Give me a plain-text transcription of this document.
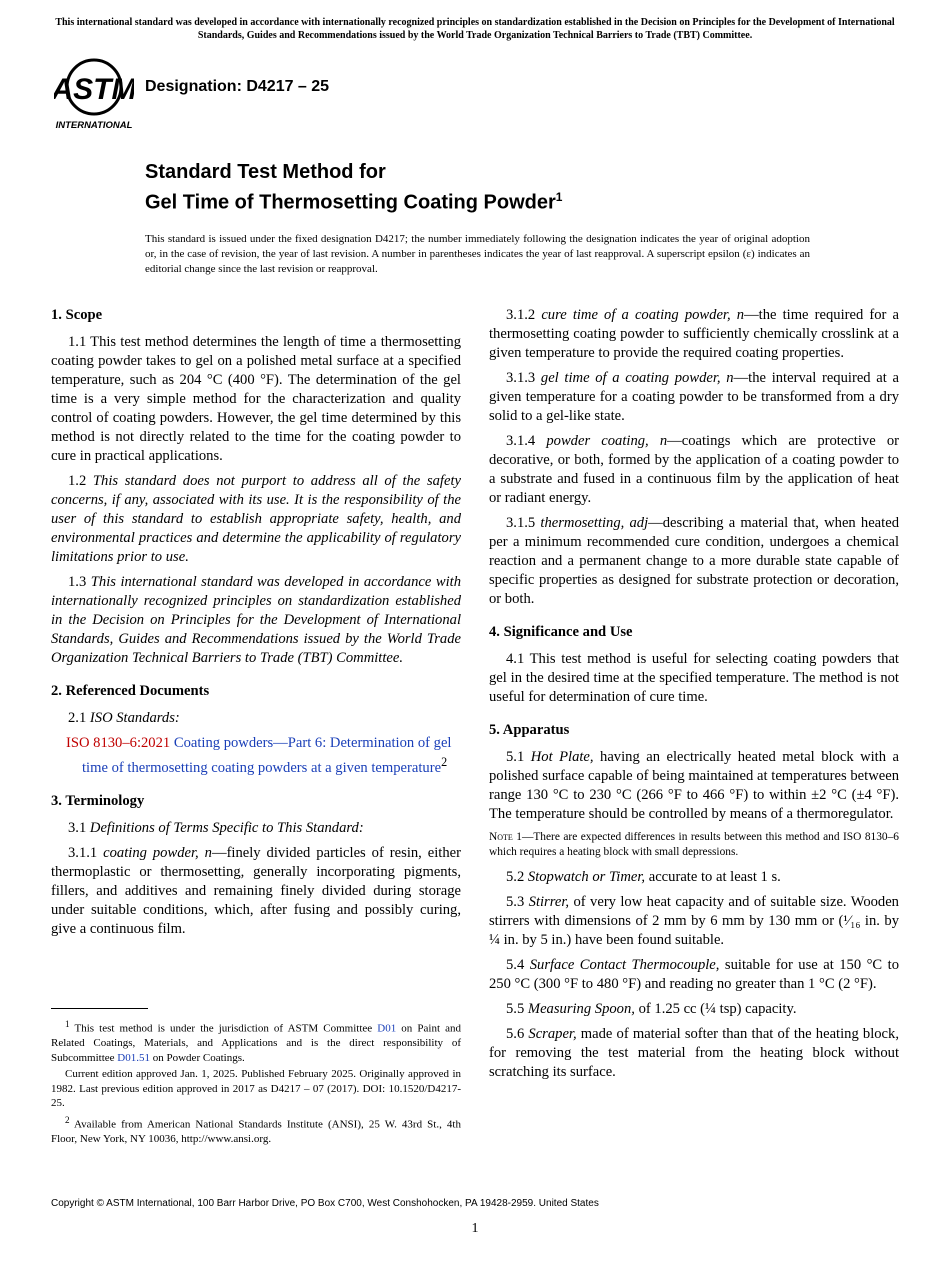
This international standard was developed in accordance with internationally recognized principles on standardization established in the Decision on Principles for the Development of International Standards, Guides and Recommendations issued by the World Trade Organization Technical Barriers to Trade (TBT) Committee.
ASTM
INTERNATIONAL
Designation: D4217 – 25
Standard Test Method for
Gel Time of Thermosetting Coating Powder$^1$
This standard is issued under the fixed designation D4217; the number immediately following the designation indicates the year of original adoption or, in the case of revision, the year of last revision. A number in parentheses indicates the year of last reapproval. A superscript epsilon (ε) indicates an editorial change since the last revision or reapproval.
1. Scope

1.1 This test method determines the length of time a thermosetting coating powder takes to gel on a polished metal surface at a specified temperature, such as 204 °C (400 °F). The determination of the gel time is a very simple method for the characterization and quality control of coating powders. However, the gel time determined by this method is not directly related to the time for the coating powder to cure in practical applications.

1.2 This standard does not purport to address all of the safety concerns, if any, associated with its use. It is the responsibility of the user of this standard to establish appropriate safety, health, and environmental practices and determine the applicability of regulatory limitations prior to use.

1.3 This international standard was developed in accordance with internationally recognized principles on standardization established in the Decision on Principles for the Development of International Standards, Guides and Recommendations issued by the World Trade Organization Technical Barriers to Trade (TBT) Committee.

2. Referenced Documents

2.1 ISO Standards:

ISO 8130–6:2021 Coating powders—Part 6: Determination of gel time of thermosetting coating powders at a given temperature$^2$

3. Terminology

3.1 Definitions of Terms Specific to This Standard:

3.1.1 coating powder, n—finely divided particles of resin, either thermoplastic or thermosetting, generally incorporating pigments, fillers, and additives and remaining finely divided during storage under suitable conditions, which, after fusing and possibly curing, give a continuous film.

3.1.2 cure time of a coating powder, n—the time required for a thermosetting coating powder to sufficiently chemically crosslink at a given temperature to provide the required coating properties.

3.1.3 gel time of a coating powder, n—the interval required at a given temperature for a coating powder to be transformed from a dry solid to a gel-like state.

3.1.4 powder coating, n—coatings which are protective or decorative, or both, formed by the application of a coating powder to a substrate and fused in a continuous film by the application of heat or radiant energy.

3.1.5 thermosetting, adj—describing a material that, when heated per a minimum recommended cure condition, undergoes a chemical reaction and a permanent change to a more durable state capable of specific properties as designed for substrate protection or decoration, or both.

4. Significance and Use

4.1 This test method is useful for selecting coating powders that gel in the desired time at the specified temperature. The method is not useful for determination of cure time.

5. Apparatus

5.1 Hot Plate, having an electrically heated metal block with a polished surface capable of being maintained at temperatures between range 130 °C to 230 °C (266 °F to 466 °F) to within ±2 °C (±4 °F). The temperature should be controlled by means of a thermoregulator.

Note 1—There are expected differences in results between this method and ISO 8130–6 which requires a heating block with small depressions.

5.2 Stopwatch or Timer, accurate to at least 1 s.

5.3 Stirrer, of very low heat capacity and of suitable size. Wooden stirrers with dimensions of 2 mm by 6 mm by 130 mm or (¹⁄₁₆ in. by ¼ in. by 5 in.) have been found suitable.

5.4 Surface Contact Thermocouple, suitable for use at 150 °C to 250 °C (300 °F to 480 °F) and reading no greater than 1 °C (2 °F).

5.5 Measuring Spoon, of 1.25 cc (¼ tsp) capacity.

5.6 Scraper, made of material softer than that of the heating block, for removing the test material from the heating block without scratching its surface.

$^1$ This test method is under the jurisdiction of ASTM Committee D01 on Paint and Related Coatings, Materials, and Applications and is the direct responsibility of Subcommittee D01.51 on Powder Coatings.

Current edition approved Jan. 1, 2025. Published February 2025. Originally approved in 1982. Last previous edition approved in 2017 as D4217 – 07 (2017). DOI: 10.1520/D4217-25.

$^2$ Available from American National Standards Institute (ANSI), 25 W. 43rd St., 4th Floor, New York, NY 10036, http://www.ansi.org.

Copyright © ASTM International, 100 Barr Harbor Drive, PO Box C700, West Conshohocken, PA 19428-2959. United States
1
